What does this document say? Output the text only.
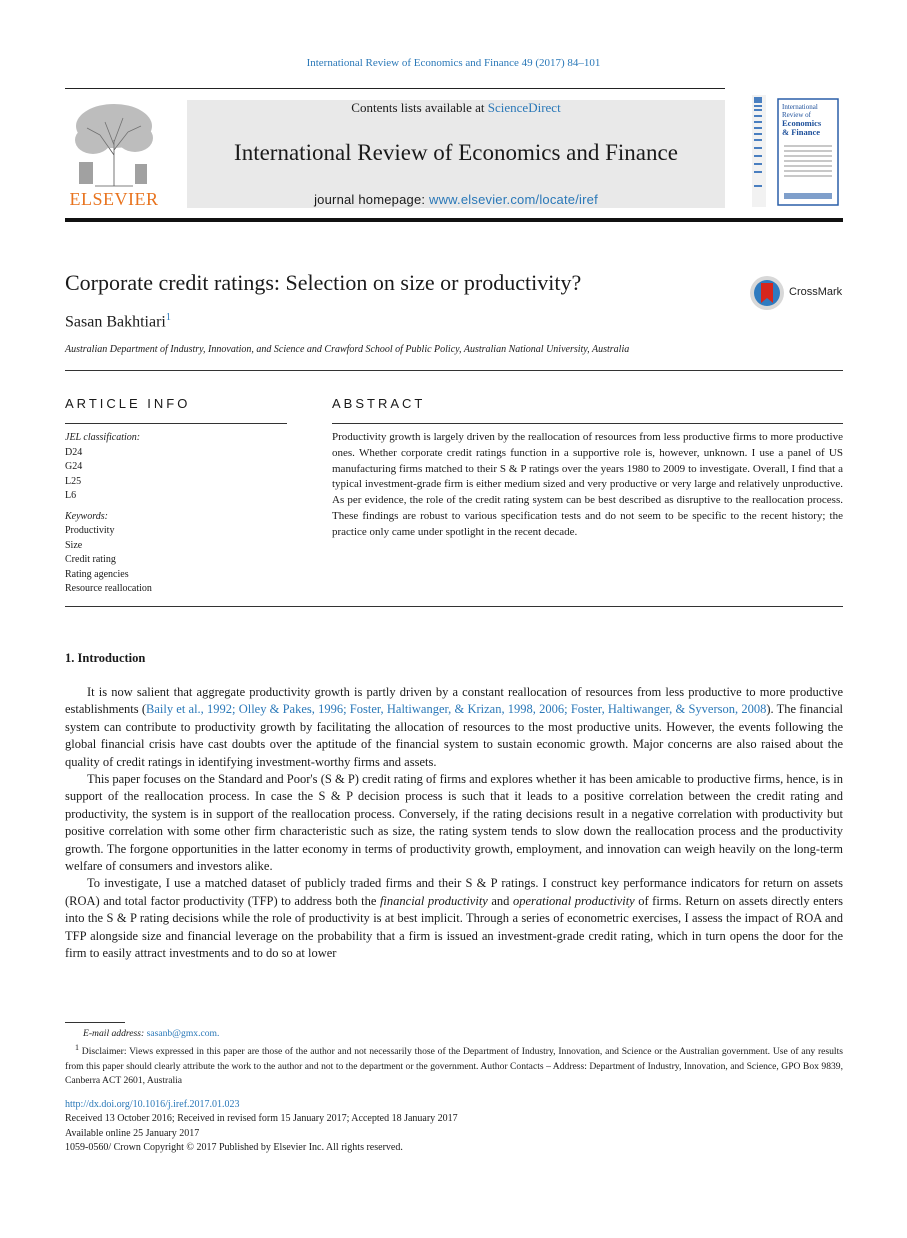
International Review of Economics and Finance 49 (2017) 84–101
ELSEVIER
Contents lists available at ScienceDirect
International Review of Economics and Finance
journal homepage: www.elsevier.com/locate/iref
International
Review of
Economics
& Finance
Corporate credit ratings: Selection on size or productivity?	CrossMark
Sasan Bakhtiari$^1$
Australian Department of Industry, Innovation, and Science and Crawford School of Public Policy, Australian National University, Australia
ARTICLE INFO	ABSTRACT
JEL classification:
D24
G24
L25
L6
Keywords:
Productivity
Size
Credit rating
Rating agencies
Resource reallocation
Productivity growth is largely driven by the reallocation of resources from less productive firms to more productive ones. Whether corporate credit ratings function in a supportive role is, however, unknown. I use a panel of US manufacturing firms matched to their S & P ratings over the years 1980 to 2009 to investigate. Overall, I find that a typical investment-grade firm is either medium sized and very productive or very large and relatively unproductive. As per evidence, the role of the credit rating system can be best described as disruptive to the reallocation process. These findings are robust to various specification tests and do not seem to be specific to the recent history; the practice only came under spotlight in the recent decade.
1. Introduction

It is now salient that aggregate productivity growth is partly driven by a constant reallocation of resources from less productive to more productive establishments (Baily et al., 1992; Olley & Pakes, 1996; Foster, Haltiwanger, & Krizan, 1998, 2006; Foster, Haltiwanger, & Syverson, 2008). The financial system can contribute to productivity growth by facilitating the allocation of resources to the most productive units. However, the events following the global financial crisis have cast doubts over the aptitude of the financial system to sustain economic growth. Major concerns are also raised about the quality of credit ratings in identifying investment-worthy firms and assets.

This paper focuses on the Standard and Poor's (S & P) credit rating of firms and explores whether it has been amicable to productive firms, hence, is in support of the reallocation process. In case the S & P decision process is such that it leads to a positive correlation between the credit rating and productivity, the system is in support of the reallocation process. Conversely, if the rating decisions result in a negative correlation with productivity but positive correlation with some other firm characteristic such as size, the rating system tends to slow down the reallocation process and the productivity growth. The forgone opportunities in the latter economy in terms of productivity growth, employment, and innovation can weigh heavily on the long-term welfare of consumers and investors alike.

To investigate, I use a matched dataset of publicly traded firms and their S & P ratings. I construct key performance indicators for return on assets (ROA) and total factor productivity (TFP) to address both the financial productivity and operational productivity of firms. Return on assets directly enters into the S & P rating decisions while the role of productivity is at best implicit. Through a series of econometric exercises, I assess the impact of ROA and TFP alongside size and financial leverage on the probability that a firm is issued an investment-grade credit rating, which in turn opens the door for the firm to easily attract investments and to do so at lower

E-mail address: sasanb@gmx.com.

$^1$ Disclaimer: Views expressed in this paper are those of the author and not necessarily those of the Department of Industry, Innovation, and Science or the Australian government. Use of any results from this paper should clearly attribute the work to the author and not to the department or the government. Author Contacts – Address: Department of Industry, Innovation, and Science, GPO Box 9839, Canberra ACT 2601, Australia

http://dx.doi.org/10.1016/j.iref.2017.01.023
Received 13 October 2016; Received in revised form 15 January 2017; Accepted 18 January 2017
Available online 25 January 2017
1059-0560/ Crown Copyright © 2017 Published by Elsevier Inc. All rights reserved.
